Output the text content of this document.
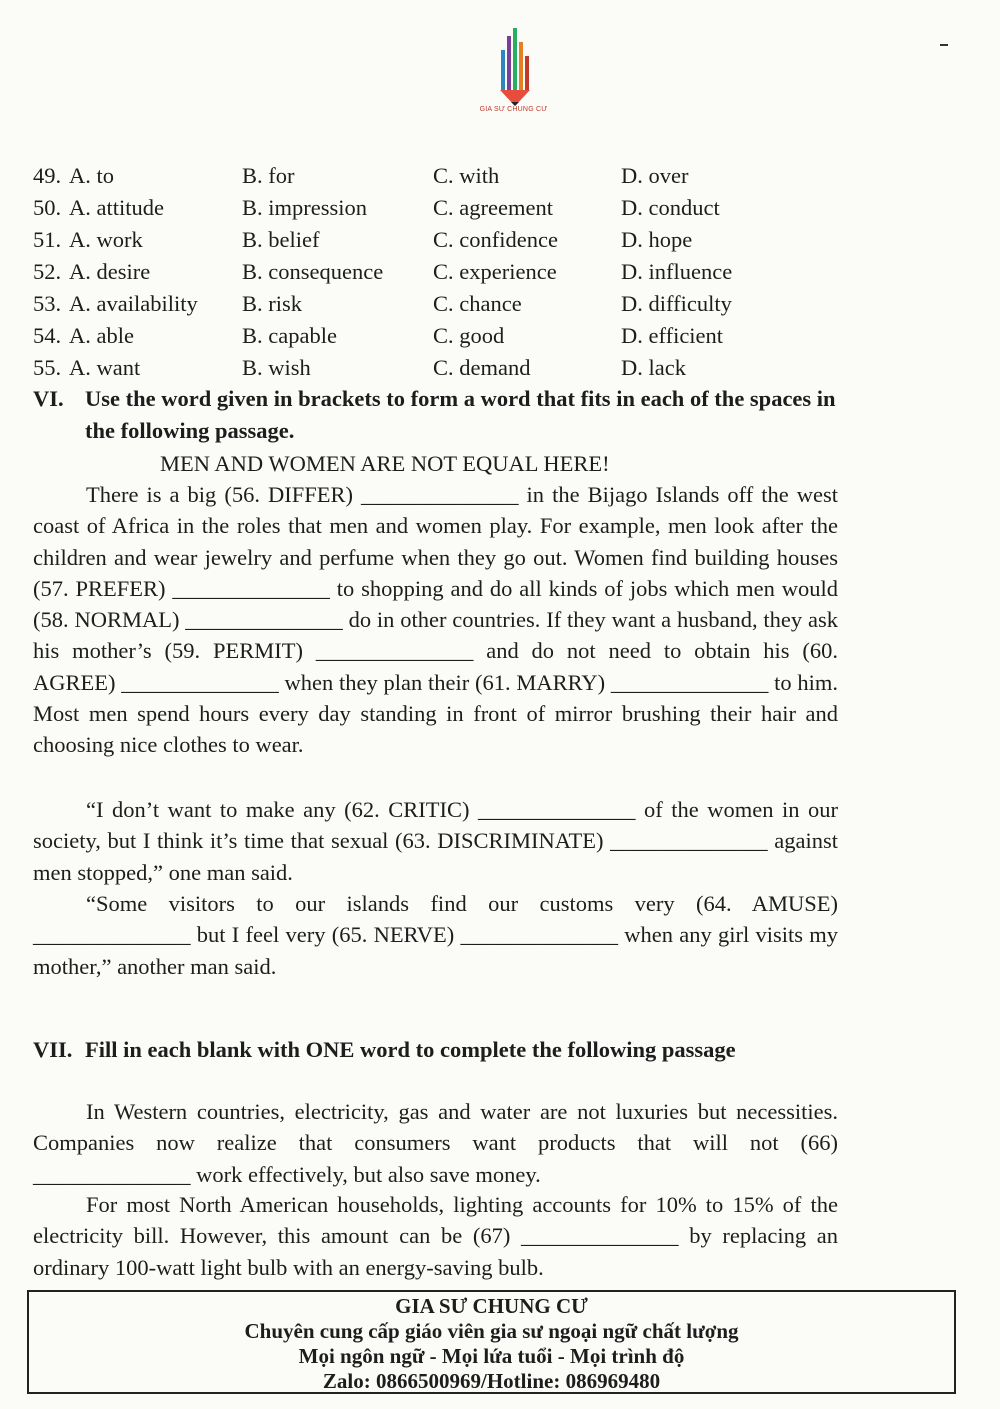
GIA SƯ CHUNG CƯ
49. A. to	B. for	C. with	D. over
50. A. attitude	B. impression	C. agreement	D. conduct
51. A. work	B. belief	C. confidence	D. hope
52. A. desire	B. consequence C. experience	D. influence
53. A. availability B. risk	C. chance	D. difficulty
54. A. able	B. capable	C. good	D. efficient
55. A. want	B. wish	C. demand	D. lack
VI. Use the word given in brackets to form a word that fits in each of the spaces in the following passage.
MEN AND WOMEN ARE NOT EQUAL HERE!
There is a big (56. DIFFER) ______________ in the Bijago Islands off the west coast of Africa in the roles that men and women play. For example, men look after the children and wear jewelry and perfume when they go out. Women find building houses (57. PREFER) ______________ to shopping and do all kinds of jobs which men would (58. NORMAL) ______________ do in other countries. If they want a husband, they ask his mother’s (59. PERMIT) ______________ and do not need to obtain his (60. AGREE) ______________ when they plan their (61. MARRY) ______________ to him. Most men spend hours every day standing in front of mirror brushing their hair and choosing nice clothes to wear.
“I don’t want to make any (62. CRITIC) ______________ of the women in our society, but I think it’s time that sexual (63. DISCRIMINATE) ______________ against men stopped,” one man said.
“Some visitors to our islands find our customs very (64. AMUSE) ______________ but I feel very (65. NERVE) ______________ when any girl visits my mother,” another man said.
VII. Fill in each blank with ONE word to complete the following passage
In Western countries, electricity, gas and water are not luxuries but necessities. Companies now realize that consumers want products that will not (66) ______________ work effectively, but also save money.
For most North American households, lighting accounts for 10% to 15% of the electricity bill. However, this amount can be (67) ______________ by replacing an ordinary 100-watt light bulb with an energy-saving bulb.
GIA SƯ CHUNG CƯ
Chuyên cung cấp giáo viên gia sư ngoại ngữ chất lượng
Mọi ngôn ngữ - Mọi lứa tuổi - Mọi trình độ
Zalo: 0866500969/Hotline: 086969480
